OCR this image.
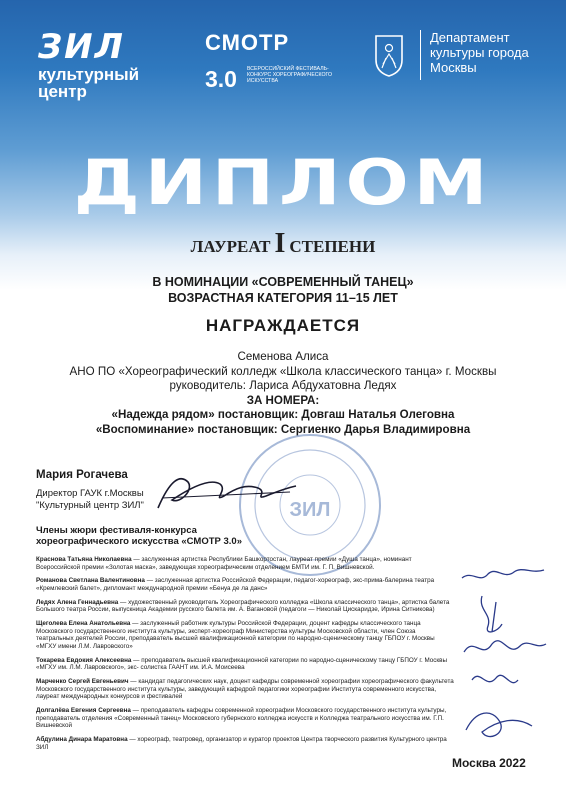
ЗИЛ
культурный центр
СМОТР
3.0 ВСЕРОССИЙСКИЙ ФЕСТИВАЛЬ-КОНКУРС ХОРЕОГРАФИЧЕСКОГО ИСКУССТВА
Департамент культуры города Москвы
ДИПЛОМ
ЛАУРЕАТ I СТЕПЕНИ
В НОМИНАЦИИ «СОВРЕМЕННЫЙ ТАНЕЦ»
ВОЗРАСТНАЯ КАТЕГОРИЯ 11–15 ЛЕТ
НАГРАЖДАЕТСЯ
Семенова Алиса
АНО ПО «Хореографический колледж «Школа классического танца» г. Москвы
руководитель: Лариса Абдухатовна Ледях
ЗА НОМЕРА:
«Надежда рядом» постановщик: Довгаш Наталья Олеговна
«Воспоминание» постановщик: Сергиенко Дарья Владимировна
ЗИЛ
Мария Рогачева
Директор ГАУК г.Москвы "Культурный центр ЗИЛ"
Члены жюри фестиваля-конкурса хореографического искусства «СМОТР 3.0»
Краснова Татьяна Николаевна — заслуженная артистка Республики Башкортостан, лауреат премии «Душа танца», номинант Всероссийской премии «Золотая маска», заведующая хореографическим отделением БМТИ им. Г. П. Вишневской.
Романова Светлана Валентиновна — заслуженная артистка Российской Федерации, педагог-хореограф, экс-прима-балерина театра «Кремлевский балет», дипломант международной премии «Бенуа де ла данс»
Ледях Алена Геннадьевна — художественный руководитель Хореографического колледжа «Школа классического танца», артистка балета Большого театра России, выпускница Академии русского балета им. А. Вагановой (педагоги — Николай Цискаридзе, Ирина Ситникова)
Щеголева Елена Анатольевна — заслуженный работник культуры Российской Федерации, доцент кафедры классического танца Московского государственного института культуры, эксперт-хореограф Министерства культуры Московской области, член Союза театральных деятелей России, преподаватель высшей квалификационной категории по народно-сценическому танцу ГБПОУ г. Москвы «МГХУ имени Л.М. Лавровского»
Токарева Евдокия Алексеевна — преподаватель высшей квалификационной категории по народно-сценическому танцу ГБПОУ г. Москвы «МГХУ им. Л.М. Лавровского», экс- солистка ГААНТ им. И.А. Моисеева
Марченко Сергей Евгеньевич — кандидат педагогических наук, доцент кафедры современной хореографии хореографического факультета Московского государственного института культуры, заведующий кафедрой педагогики хореографии Института современного искусства, лауреат международных конкурсов и фестивалей
Долгалёва Евгения Сергеевна — преподаватель кафедры современной хореографии Московского государственного института культуры, преподаватель отделения «Современный танец» Московского губернского колледжа искусств и Колледжа театрального искусства им. Г.П. Вишневской
Абдулина Динара Маратовна — хореограф, театровед, организатор и куратор проектов Центра творческого развития Культурного центра ЗИЛ
Москва 2022
